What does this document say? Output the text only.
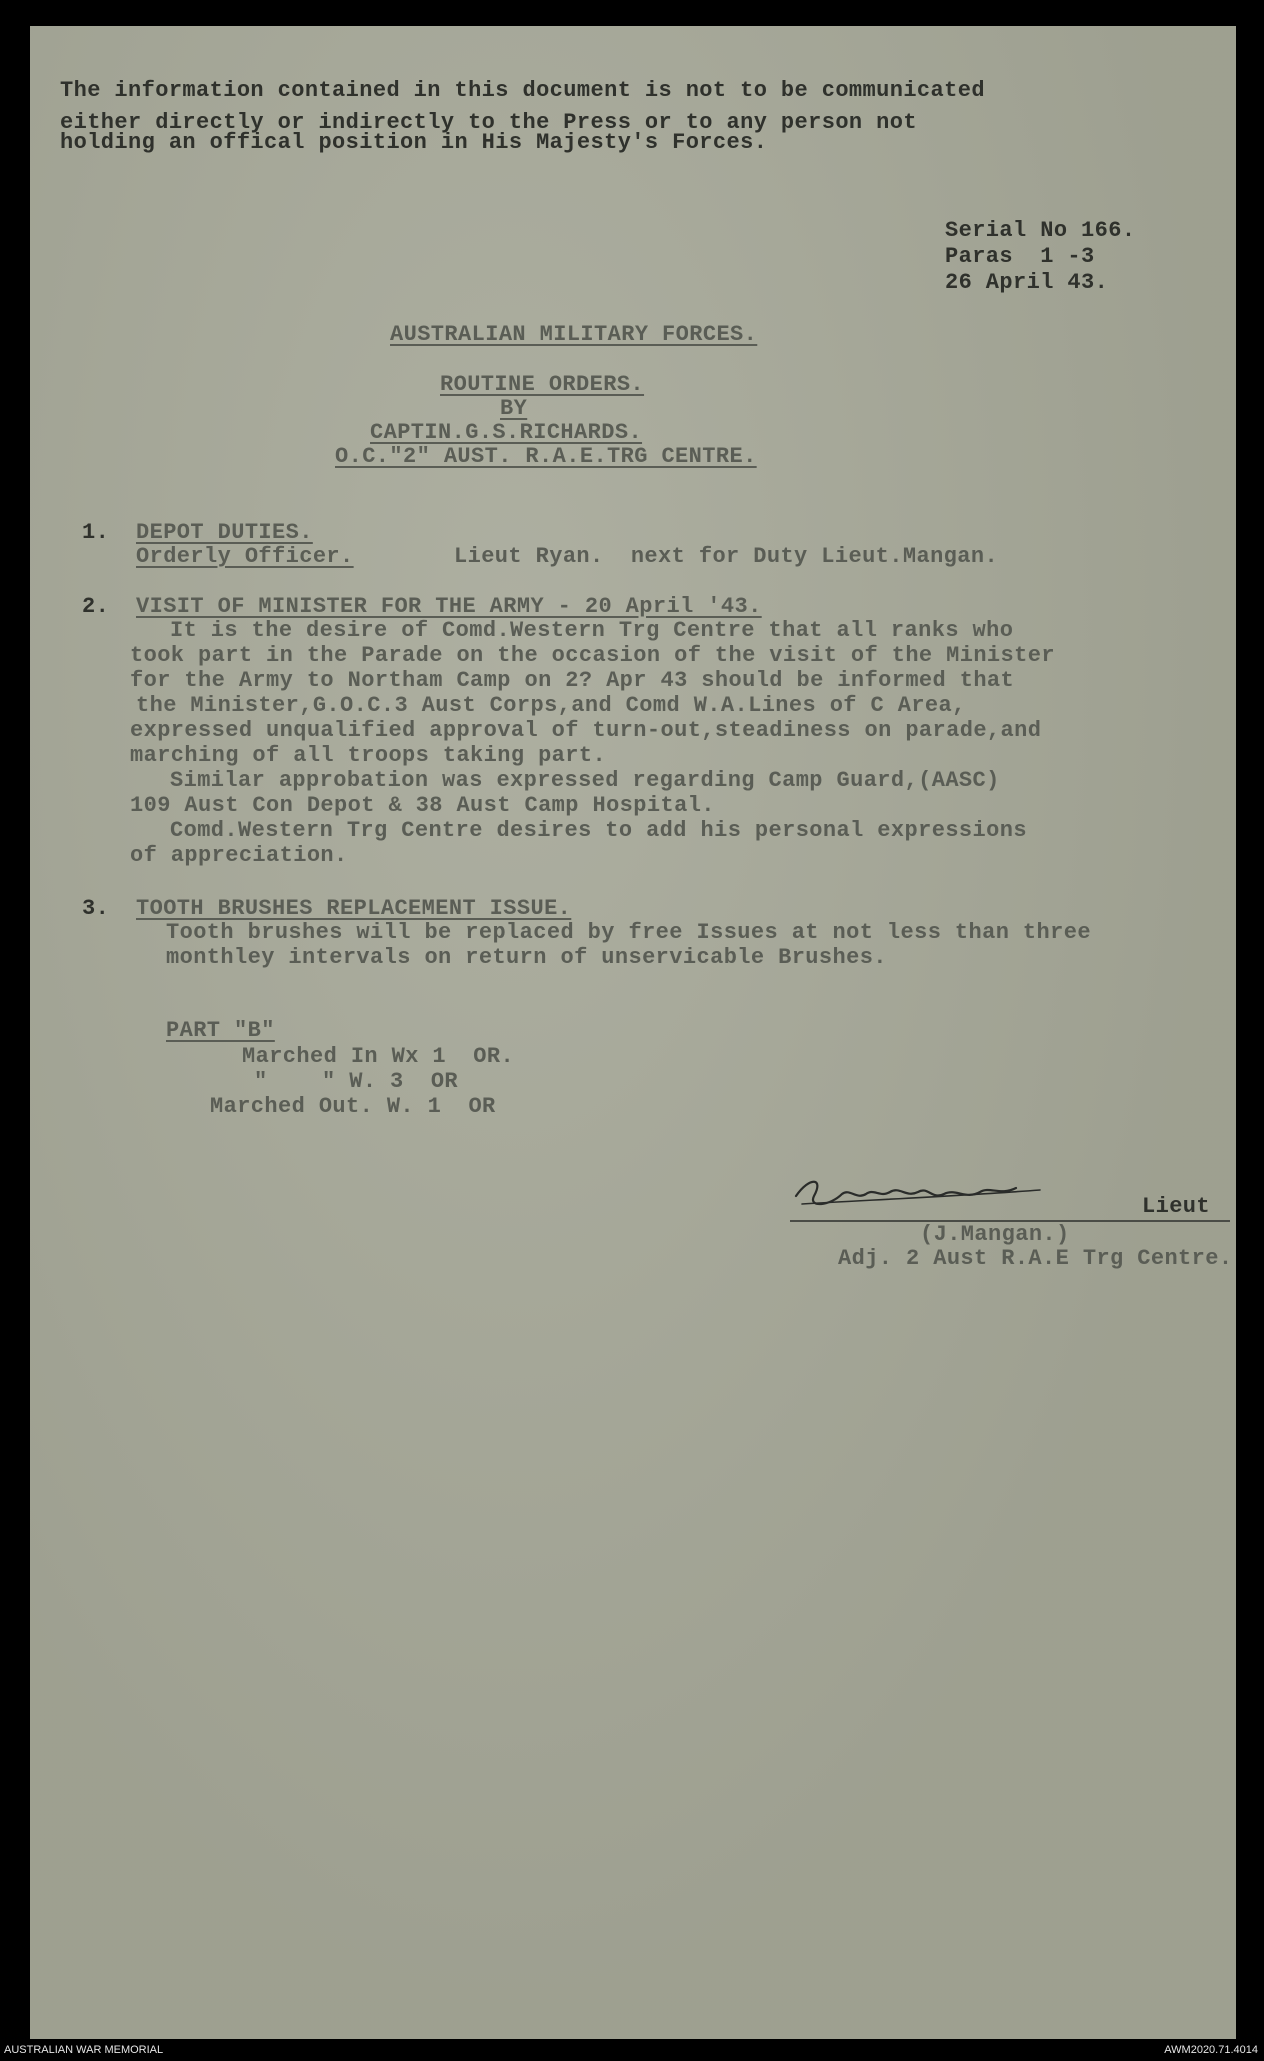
The information contained in this document is not to be communicated
either directly or indirectly to the Press or to any person not
holding an offical position in His Majesty's Forces.
Serial No 166.
Paras  1 -3
26 April 43.
AUSTRALIAN MILITARY FORCES.
ROUTINE ORDERS.
BY
CAPTIN.G.S.RICHARDS.
O.C."2" AUST. R.A.E.TRG CENTRE.
1. DEPOT DUTIES.
Orderly Officer.	Lieut Ryan.  next for Duty Lieut.Mangan.
2. VISIT OF MINISTER FOR THE ARMY - 20 April '43.
It is the desire of Comd.Western Trg Centre that all ranks who
took part in the Parade on the occasion of the visit of the Minister
for the Army to Northam Camp on 2? Apr 43 should be informed that
the Minister,G.O.C.3 Aust Corps,and Comd W.A.Lines of C Area,
expressed unqualified approval of turn-out,steadiness on parade,and
marching of all troops taking part.
Similar approbation was expressed regarding Camp Guard,(AASC)
109 Aust Con Depot & 38 Aust Camp Hospital.
Comd.Western Trg Centre desires to add his personal expressions
of appreciation.
3. TOOTH BRUSHES REPLACEMENT ISSUE.
Tooth brushes will be replaced by free Issues at not less than three
monthley intervals on return of unservicable Brushes.
PART "B"
Marched In Wx 1  OR.
"    " W. 3  OR
Marched Out. W. 1  OR
Lieut
(J.Mangan.)
Adj. 2 Aust R.A.E Trg Centre.
AUSTRALIAN WAR MEMORIAL	AWM2020.71.4014
